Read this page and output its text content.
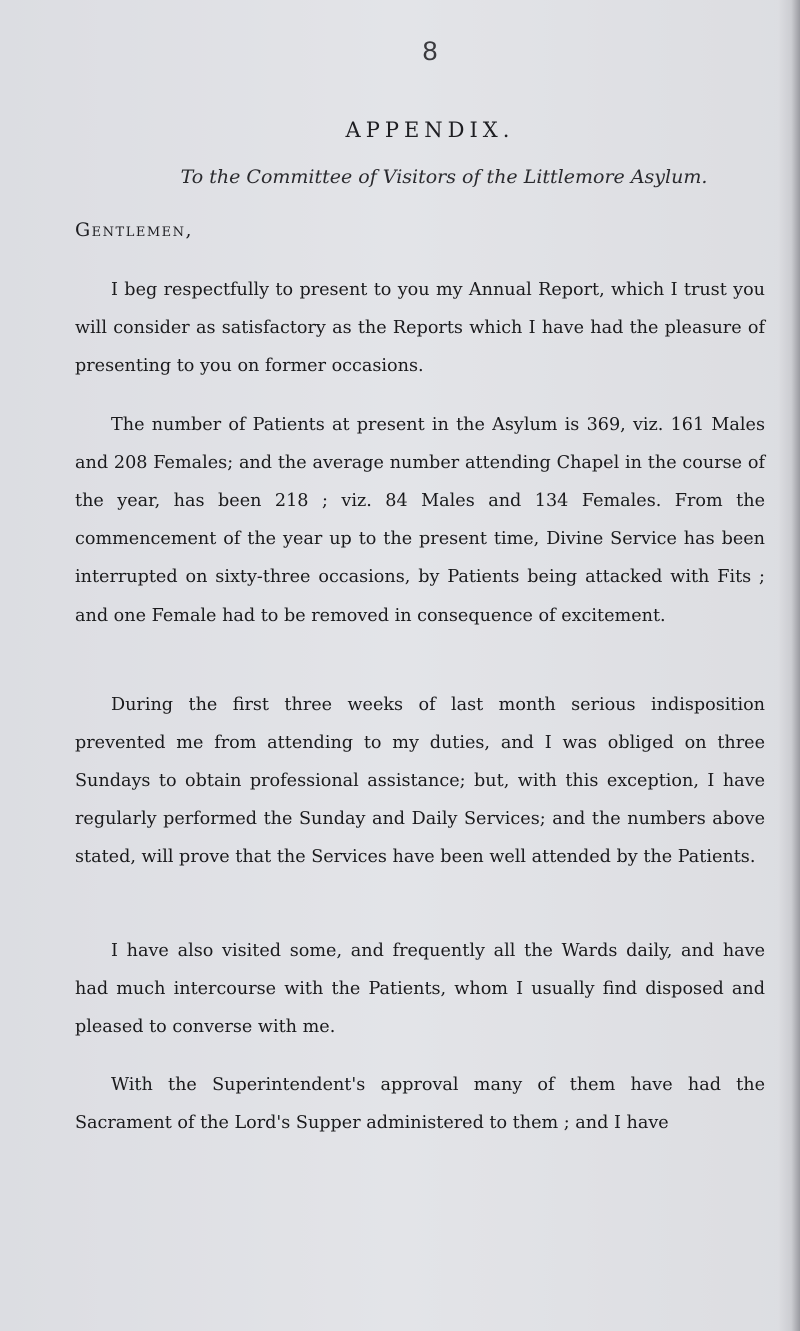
8
APPENDIX.
To the Committee of Visitors of the Littlemore Asylum.
Gentlemen,

I beg respectfully to present to you my Annual Report, which I trust you will consider as satisfactory as the Reports which I have had the pleasure of presenting to you on former occasions.

The number of Patients at present in the Asylum is 369, viz. 161 Males and 208 Females; and the average number attending Chapel in the course of the year, has been 218 ; viz. 84 Males and 134 Females. From the commencement of the year up to the present time, Divine Service has been interrupted on sixty-three occasions, by Patients being attacked with Fits ; and one Female had to be removed in consequence of excitement.

During the first three weeks of last month serious indisposition prevented me from attending to my duties, and I was obliged on three Sundays to obtain professional assistance; but, with this exception, I have regularly performed the Sunday and Daily Services; and the numbers above stated, will prove that the Services have been well attended by the Patients.

I have also visited some, and frequently all the Wards daily, and have had much intercourse with the Patients, whom I usually find disposed and pleased to converse with me.

With the Superintendent's approval many of them have had the Sacrament of the Lord's Supper administered to them ; and I have
